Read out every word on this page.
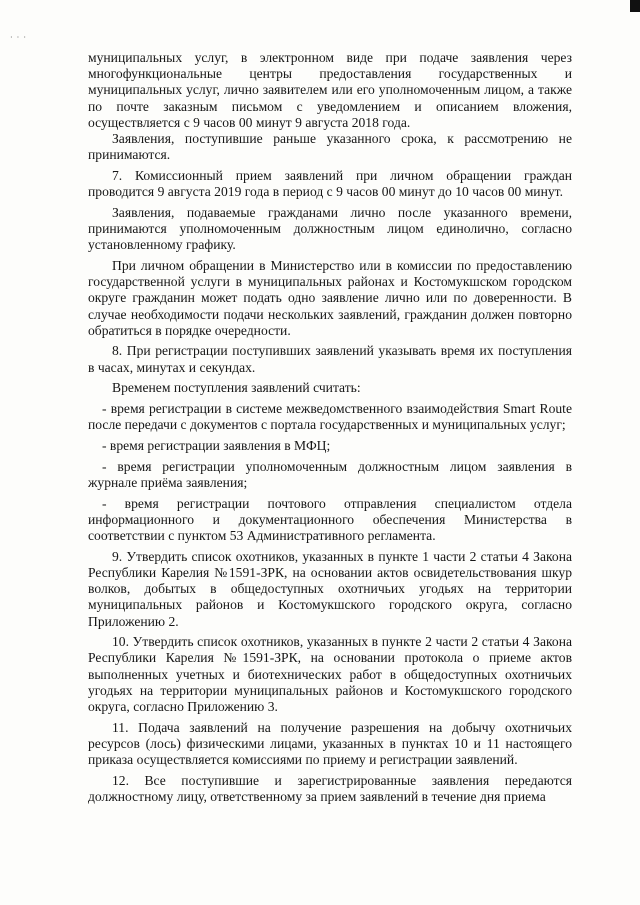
· · ·

муниципальных услуг, в электронном виде при подаче заявления через многофункциональные центры предоставления государственных и муниципальных услуг, лично заявителем или его уполномоченным лицом, а также по почте заказным письмом с уведомлением и описанием вложения, осуществляется с 9 часов 00 минут 9 августа 2018 года.

Заявления, поступившие раньше указанного срока, к рассмотрению не принимаются.

7. Комиссионный прием заявлений при личном обращении граждан проводится 9 августа 2019 года в период с 9 часов 00 минут до 10 часов 00 минут.

Заявления, подаваемые гражданами лично после указанного времени, принимаются уполномоченным должностным лицом единолично, согласно установленному графику.

При личном обращении в Министерство или в комиссии по предоставлению государственной услуги в муниципальных районах и Костомукшском городском округе гражданин может подать одно заявление лично или по доверенности. В случае необходимости подачи нескольких заявлений, гражданин должен повторно обратиться в порядке очередности.

8. При регистрации поступивших заявлений указывать время их поступления в часах, минутах и секундах.

Временем поступления заявлений считать:

- время регистрации в системе межведомственного взаимодействия Smart Route после передачи с документов с портала государственных и муниципальных услуг;

- время регистрации заявления в МФЦ;

- время регистрации уполномоченным должностным лицом заявления в журнале приёма заявления;

- время регистрации почтового отправления специалистом отдела информационного и документационного обеспечения Министерства в соответствии с пунктом 53 Административного регламента.

9. Утвердить список охотников, указанных в пункте 1 части 2 статьи 4 Закона Республики Карелия №1591-ЗРК, на основании актов освидетельствования шкур волков, добытых в общедоступных охотничьих угодьях на территории муниципальных районов и Костомукшского городского округа, согласно Приложению 2.

10. Утвердить список охотников, указанных в пункте 2 части 2 статьи 4 Закона Республики Карелия №1591-ЗРК, на основании протокола о приеме актов выполненных учетных и биотехнических работ в общедоступных охотничьих угодьях на территории муниципальных районов и Костомукшского городского округа, согласно Приложению 3.

11. Подача заявлений на получение разрешения на добычу охотничьих ресурсов (лось) физическими лицами, указанных в пунктах 10 и 11 настоящего приказа осуществляется комиссиями по приему и регистрации заявлений.

12. Все поступившие и зарегистрированные заявления передаются должностному лицу, ответственному за прием заявлений в течение дня приема
